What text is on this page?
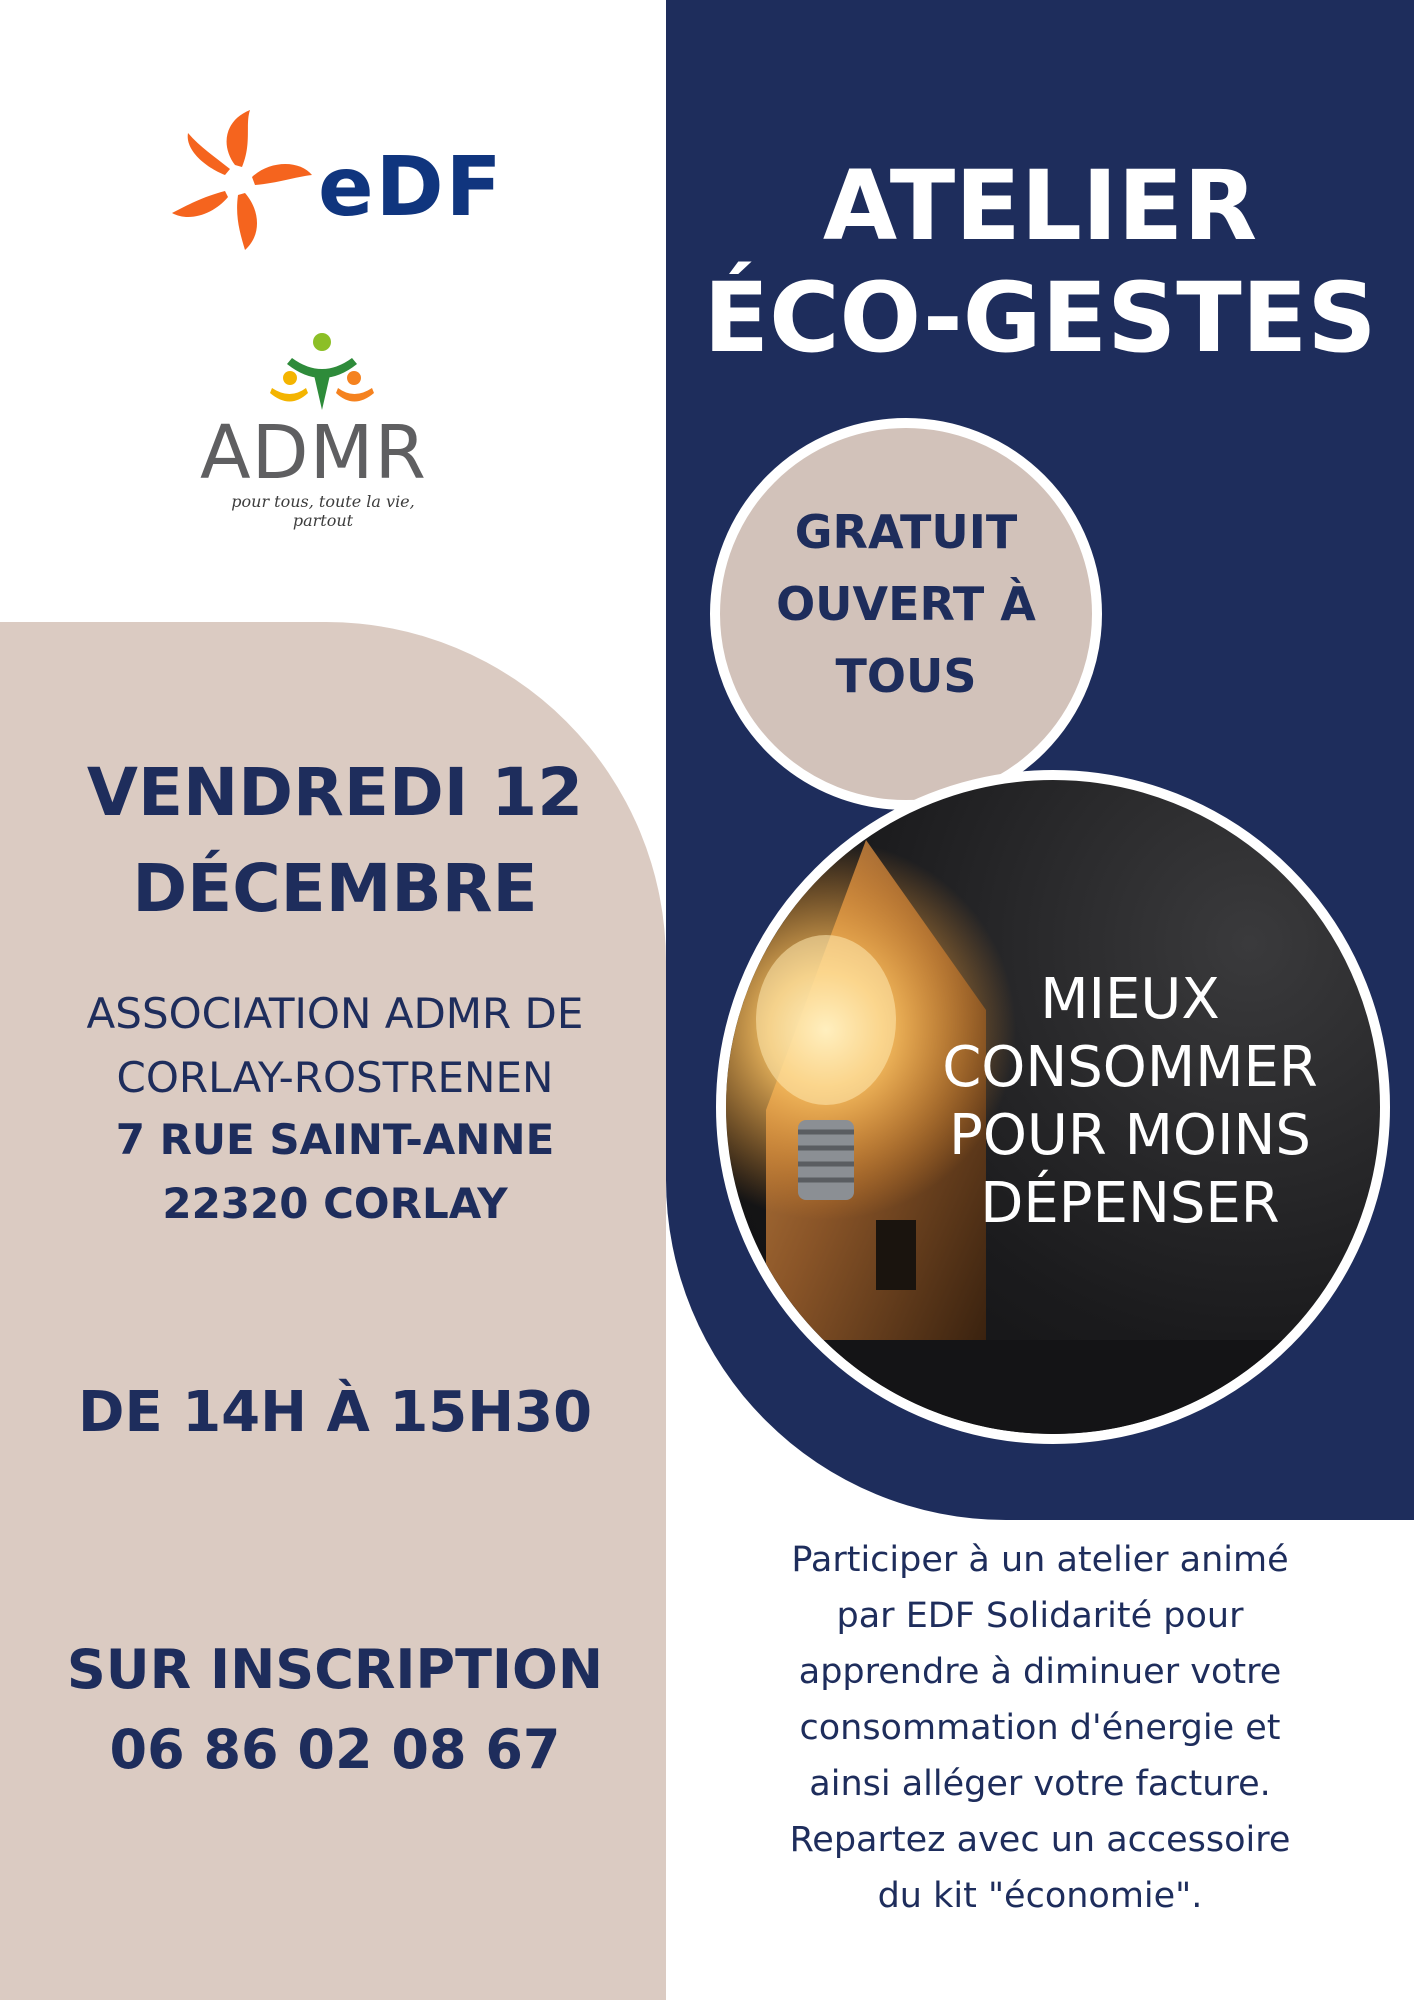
eDF
ADMR
pour tous, toute la vie, partout
ATELIER
ÉCO-GESTES
GRATUIT
OUVERT À
TOUS
MIEUX
CONSOMMER
POUR MOINS
DÉPENSER
VENDREDI 12
DÉCEMBRE
ASSOCIATION ADMR DE
CORLAY-ROSTRENEN
7 RUE SAINT-ANNE
22320 CORLAY
DE 14H À 15H30
SUR INSCRIPTION
06 86 02 08 67
Participer à un atelier animé
par EDF Solidarité pour
apprendre à diminuer votre
consommation d'énergie et
ainsi alléger votre facture.
Repartez avec un accessoire
du kit "économie".
